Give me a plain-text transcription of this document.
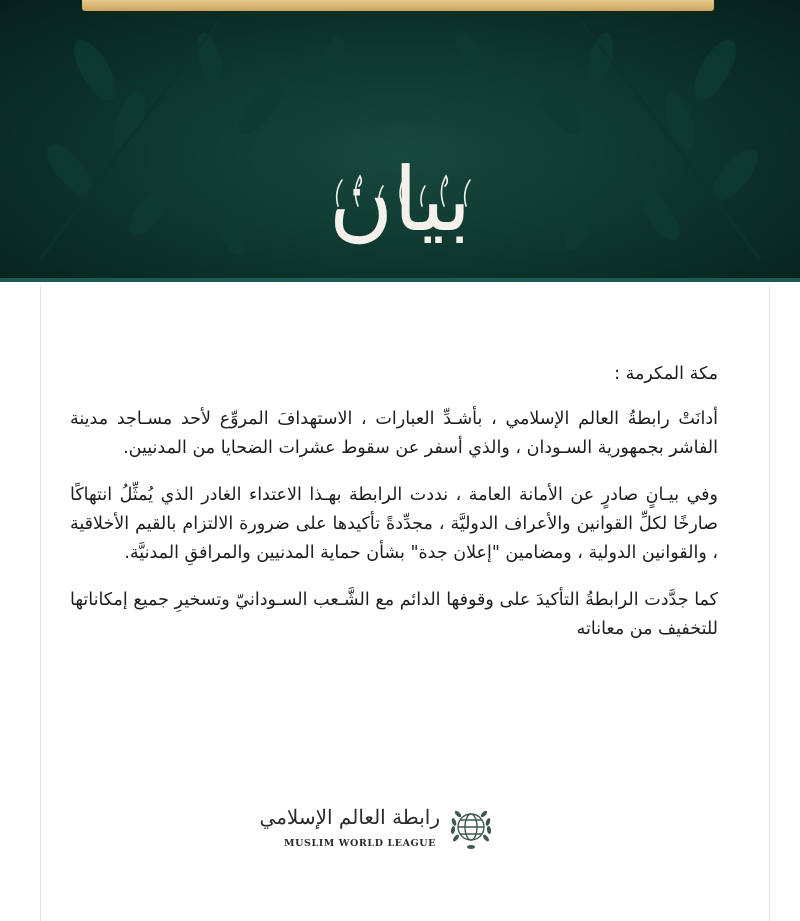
بيان

مكة المكرمة :

أدانَتْ رابطةُ العالم الإسلامي ، بأشـدِّ العبارات ، الاستهدافَ المروِّع لأحد مسـاجد مدينة الفاشر بجمهورية السـودان ، والذي أسفر عن سقوط عشرات الضحايا من المدنيين.

وفي بيـانٍ صادرٍ عن الأمانة العامة ، نددت الرابطة بهـذا الاعتداء الغادر الذي يُمثِّلُ انتهاكًا صارخًا لكلِّ القوانين والأعراف الدوليَّة ، مجدِّدةً تأكيدها على ضرورة الالتزام بالقيم الأخلاقية ، والقوانين الدولية ، ومضامين "إعلان جدة" بشأن حماية المدنيين والمرافقِ المدنيَّة.

كما جدَّدت الرابطةُ التأكيدَ على وقوفها الدائم مع الشَّـعب السـودانيّ وتسخيرِ جميع إمكاناتها للتخفيف من معاناته

رابطة العالم الإسلامي
MUSLIM WORLD LEAGUE
